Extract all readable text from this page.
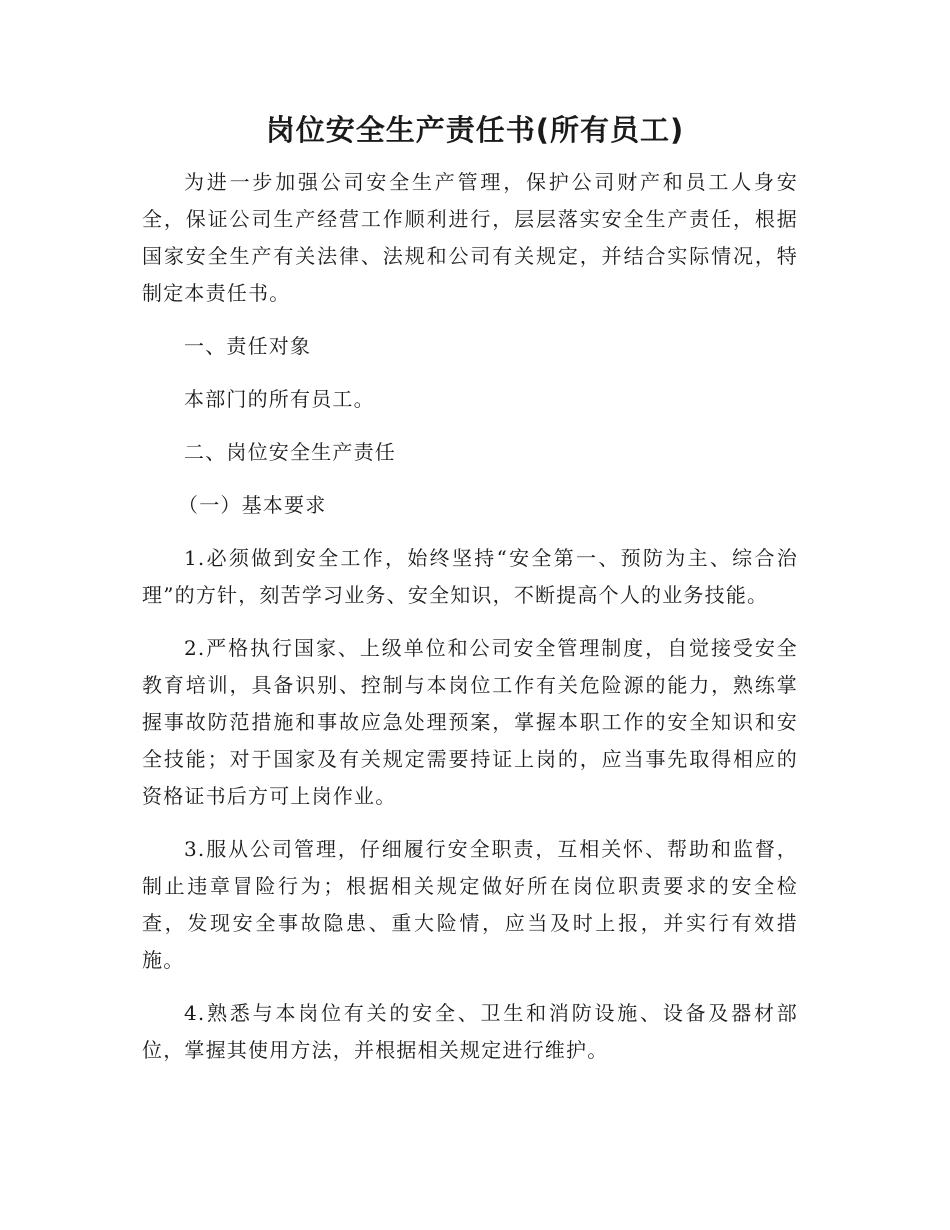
岗位安全生产责任书(所有员工)

为进一步加强公司安全生产管理，保护公司财产和员工人身安全，保证公司生产经营工作顺利进行，层层落实安全生产责任，根据国家安全生产有关法律、法规和公司有关规定，并结合实际情况，特制定本责任书。

一、责任对象

本部门的所有员工。

二、岗位安全生产责任

（一）基本要求

1.必须做到安全工作，始终坚持“安全第一、预防为主、综合治理”的方针，刻苦学习业务、安全知识，不断提高个人的业务技能。

2.严格执行国家、上级单位和公司安全管理制度，自觉接受安全教育培训，具备识别、控制与本岗位工作有关危险源的能力，熟练掌握事故防范措施和事故应急处理预案，掌握本职工作的安全知识和安全技能；对于国家及有关规定需要持证上岗的，应当事先取得相应的资格证书后方可上岗作业。

3.服从公司管理，仔细履行安全职责，互相关怀、帮助和监督，制止违章冒险行为；根据相关规定做好所在岗位职责要求的安全检查，发现安全事故隐患、重大险情，应当及时上报，并实行有效措施。

4.熟悉与本岗位有关的安全、卫生和消防设施、设备及器材部位，掌握其使用方法，并根据相关规定进行维护。
